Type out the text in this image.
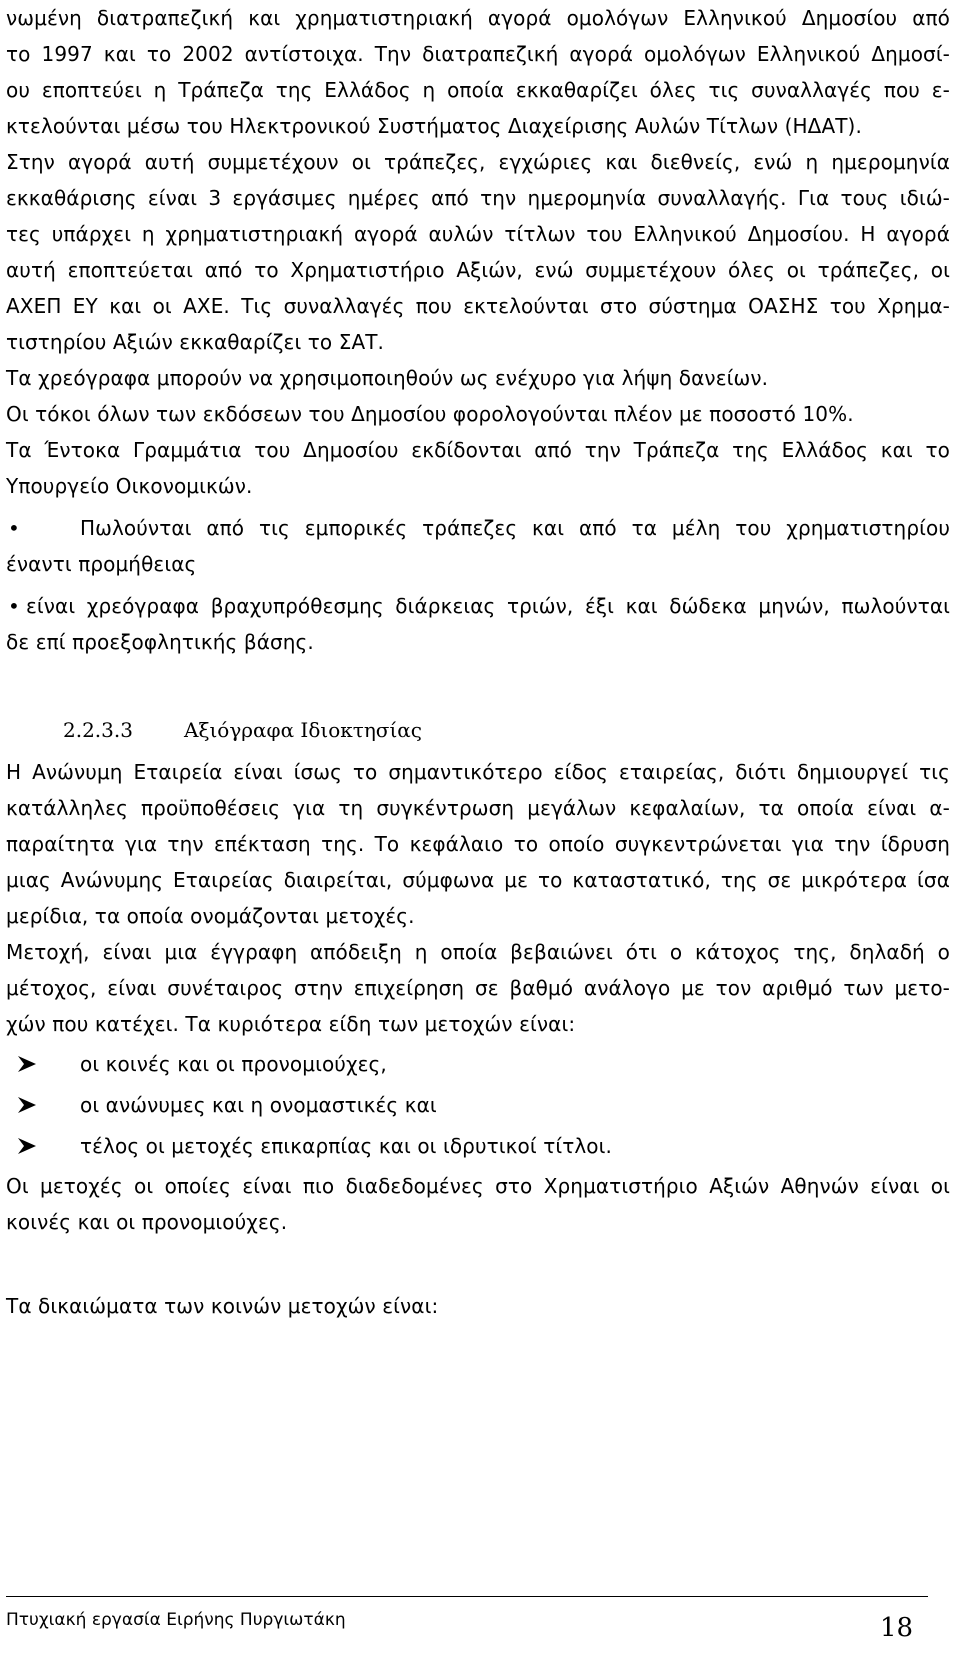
νωμένη διατραπεζική και χρηματιστηριακή αγορά ομολόγων Ελληνικού Δημοσίου από
το 1997 και το 2002 αντίστοιχα. Την διατραπεζική αγορά ομολόγων Ελληνικού Δημοσί-
ου εποπτεύει η Τράπεζα της Ελλάδος η οποία εκκαθαρίζει όλες τις συναλλαγές που ε-
κτελούνται μέσω του Ηλεκτρονικού Συστήματος Διαχείρισης Αυλών Τίτλων (ΗΔΑΤ).
Στην αγορά αυτή συμμετέχουν οι τράπεζες, εγχώριες και διεθνείς, ενώ η ημερομηνία
εκκαθάρισης είναι 3 εργάσιμες ημέρες από την ημερομηνία συναλλαγής. Για τους ιδιώ-
τες υπάρχει η χρηματιστηριακή αγορά αυλών τίτλων του Ελληνικού Δημοσίου. Η αγορά
αυτή εποπτεύεται από το Χρηματιστήριο Αξιών, ενώ συμμετέχουν όλες οι τράπεζες, οι
ΑΧΕΠ ΕΥ και οι ΑΧΕ. Τις συναλλαγές που εκτελούνται στο σύστημα ΟΑΣΗΣ του Χρημα-
τιστηρίου Αξιών εκκαθαρίζει το ΣΑΤ.
Τα χρεόγραφα μπορούν να χρησιμοποιηθούν ως ενέχυρο για λήψη δανείων.
Οι τόκοι όλων των εκδόσεων του Δημοσίου φορολογούνται πλέον με ποσοστό 10%.
Τα Έντοκα Γραμμάτια του Δημοσίου εκδίδονται από την Τράπεζα της Ελλάδος και το
Υπουργείο Οικονομικών.
•	Πωλούνται από τις εμπορικές τράπεζες και από τα μέλη του χρηματιστηρίου
έναντι προμήθειας
• είναι χρεόγραφα βραχυπρόθεσμης διάρκειας τριών, έξι και δώδεκα μηνών, πωλούνται
δε επί προεξοφλητικής βάσης.
2.2.3.3	Αξιόγραφα Ιδιοκτησίας
Η Ανώνυμη Εταιρεία είναι ίσως το σημαντικότερο είδος εταιρείας, διότι δημιουργεί τις
κατάλληλες προϋποθέσεις για τη συγκέντρωση μεγάλων κεφαλαίων, τα οποία είναι α-
παραίτητα για την επέκταση της. Το κεφάλαιο το οποίο συγκεντρώνεται για την ίδρυση
μιας Ανώνυμης Εταιρείας διαιρείται, σύμφωνα με το καταστατικό, της σε μικρότερα ίσα
μερίδια, τα οποία ονομάζονται μετοχές.
Μετοχή, είναι μια έγγραφη απόδειξη η οποία βεβαιώνει ότι ο κάτοχος της, δηλαδή ο
μέτοχος, είναι συνέταιρος στην επιχείρηση σε βαθμό ανάλογο με τον αριθμό των μετο-
χών που κατέχει. Τα κυριότερα είδη των μετοχών είναι:
οι κοινές και οι προνομιούχες,
οι ανώνυμες και η ονομαστικές και
τέλος οι μετοχές επικαρπίας και οι ιδρυτικοί τίτλοι.
Οι μετοχές οι οποίες είναι πιο διαδεδομένες στο Χρηματιστήριο Αξιών Αθηνών είναι οι
κοινές και οι προνομιούχες.
Τα δικαιώματα των κοινών μετοχών είναι:
Πτυχιακή εργασία Ειρήνης Πυργιωτάκη	18
